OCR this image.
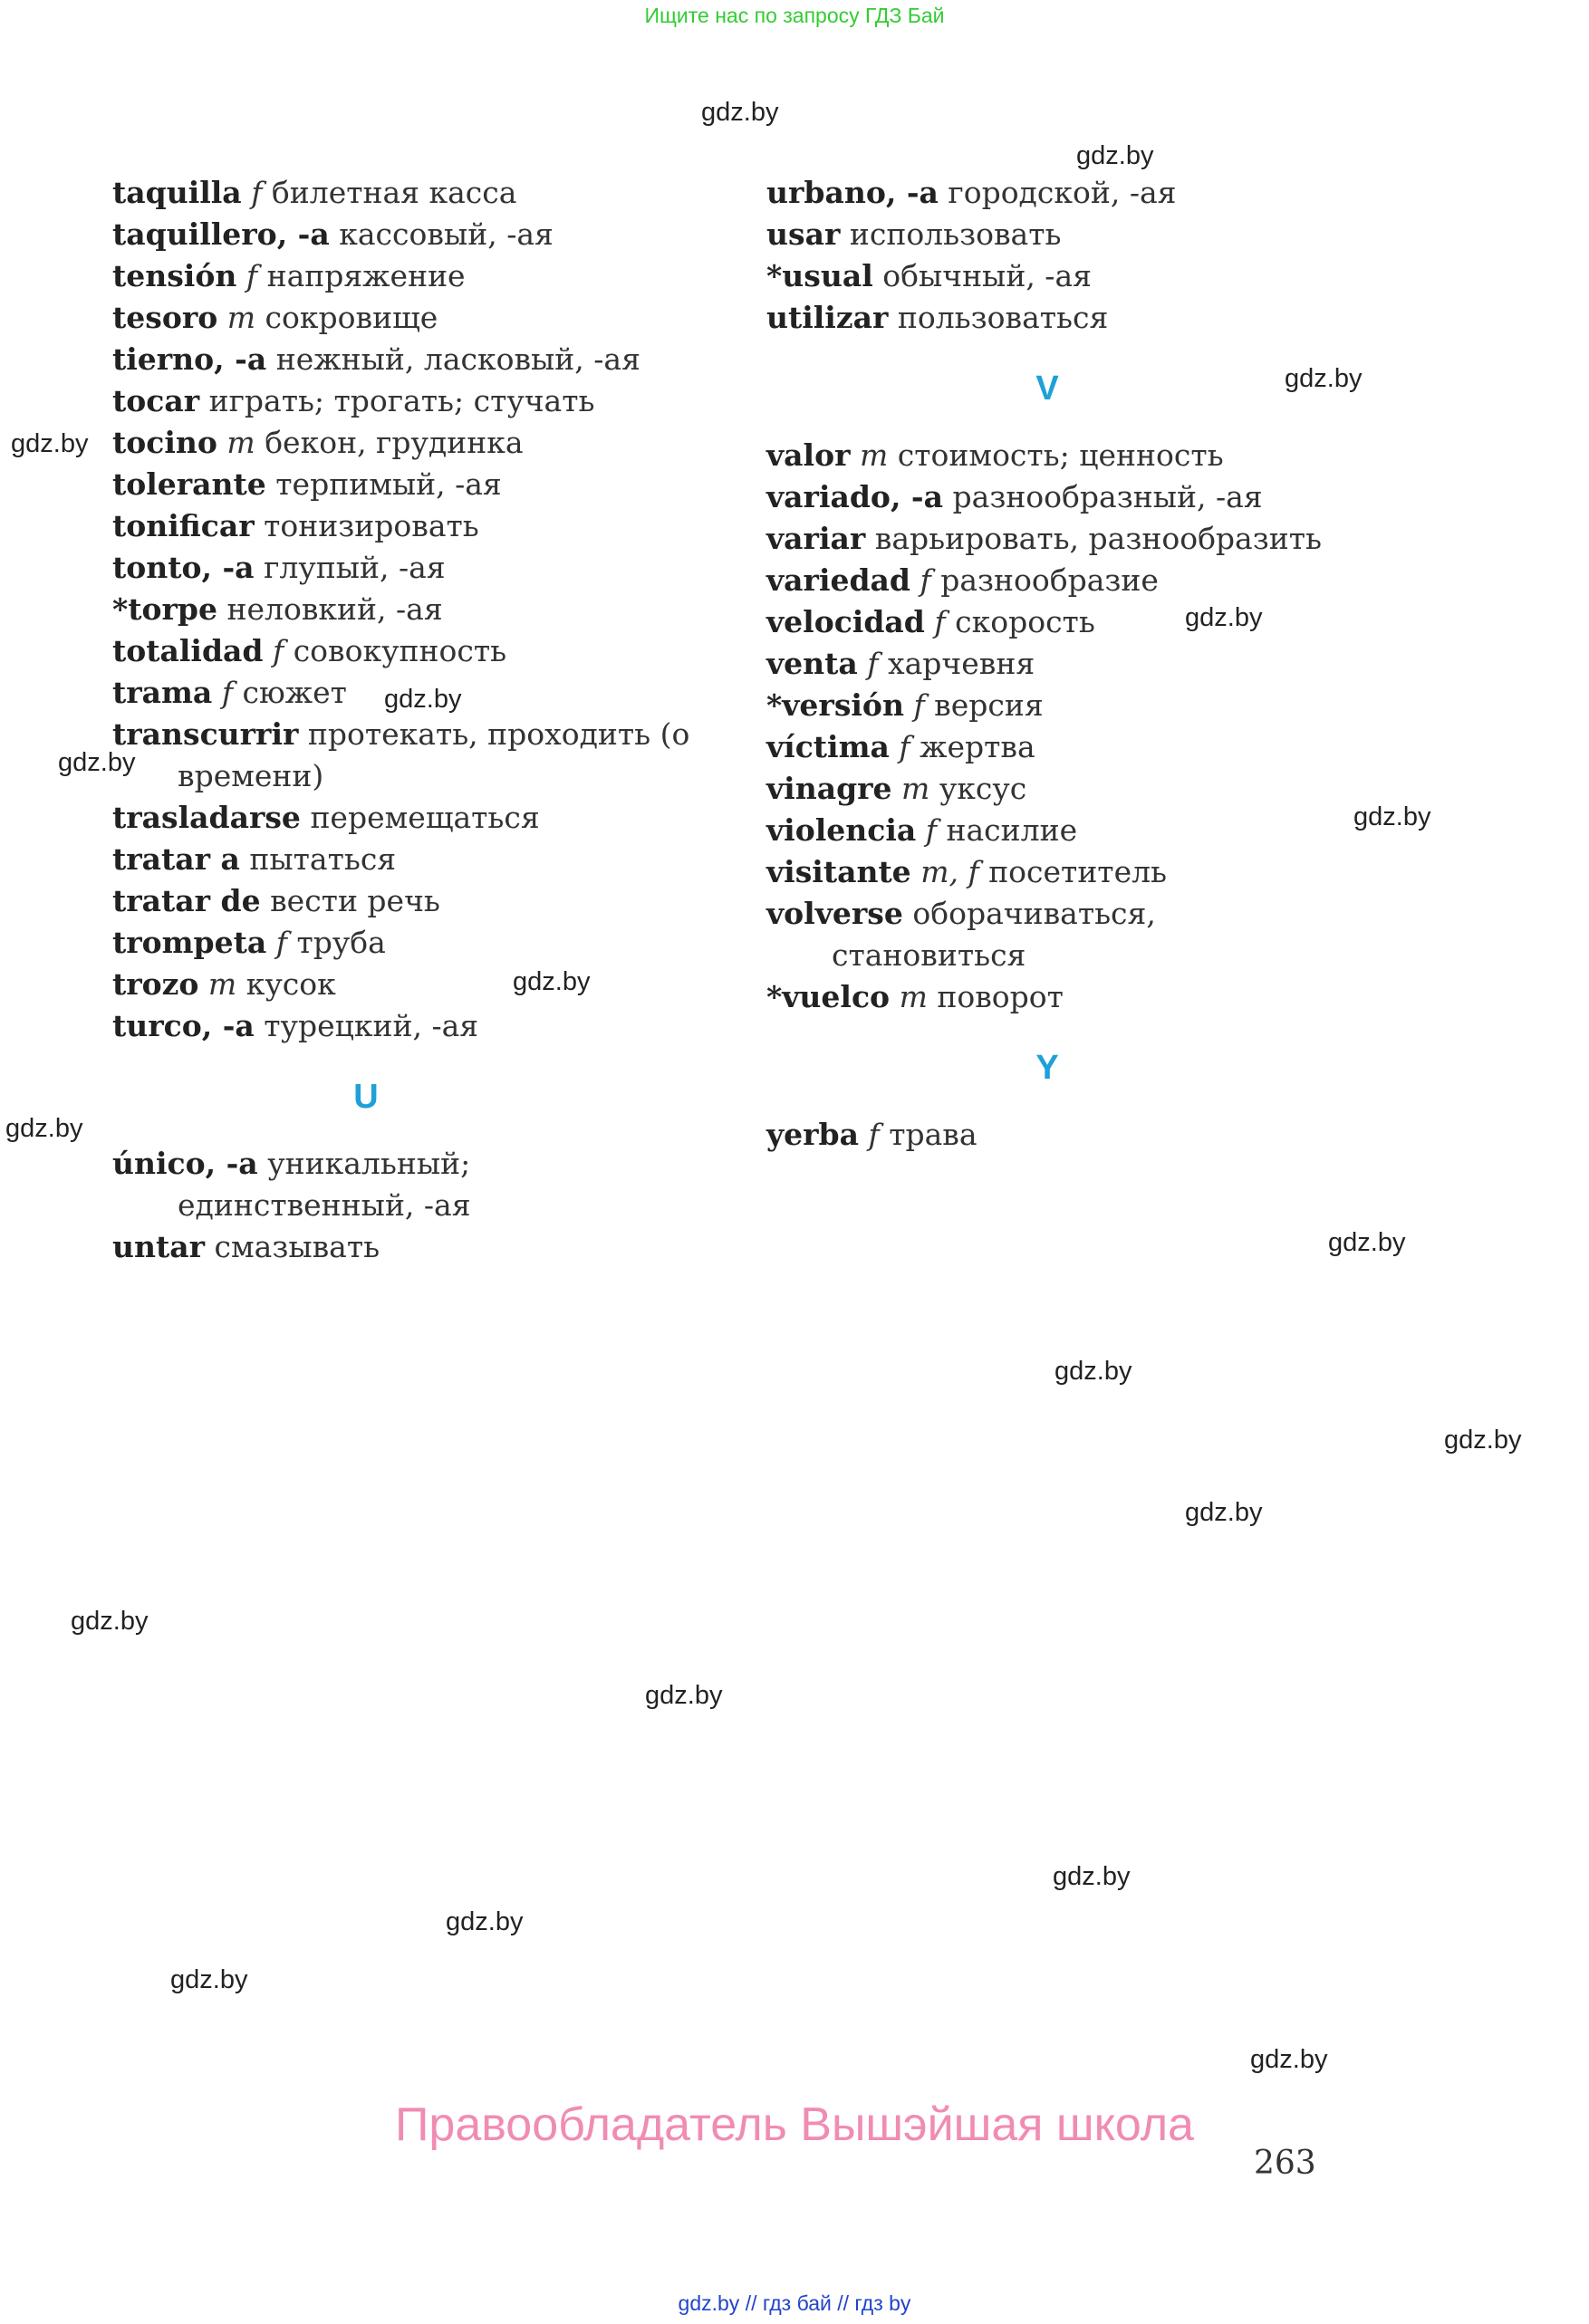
Ищите нас по запросу ГДЗ Бай
taquilla f билетная касса
taquillero, -a кассовый, -ая
tensión f напряжение
tesoro m сокровище
tierno, -a нежный, ласковый, -ая
tocar играть; трогать; стучать
tocino m бекон, грудинка
tolerante терпимый, -ая
tonificar тонизировать
tonto, -a глупый, -ая
*torpe неловкий, -ая
totalidad f совокупность
trama f сюжет
transcurrir протекать, проходить (о времени)
trasladarse перемещаться
tratar a пытаться
tratar de вести речь
trompeta f труба
trozo m кусок
turco, -a турецкий, -ая
U
único, -a уникальный; единственный, -ая
untar смазывать
urbano, -a городской, -ая
usar использовать
*usual обычный, -ая
utilizar пользоваться
V
valor m стоимость; ценность
variado, -a разнообразный, -ая
variar варьировать, разнообразить
variedad f разнообразие
velocidad f скорость
venta f харчевня
*versión f версия
víctima f жертва
vinagre m уксус
violencia f насилие
visitante m, f посетитель
volverse оборачиваться, становиться
*vuelco m поворот
Y
yerba f трава
gdz.by
gdz.by
gdz.by
gdz.by
gdz.by
gdz.by
gdz.by
gdz.by
gdz.by
gdz.by
gdz.by
gdz.by
gdz.by
gdz.by
gdz.by
gdz.by
gdz.by
gdz.by
gdz.by
gdz.by
Правообладатель Вышэйшая школа
263
gdz.by // гдз бай // гдз by
